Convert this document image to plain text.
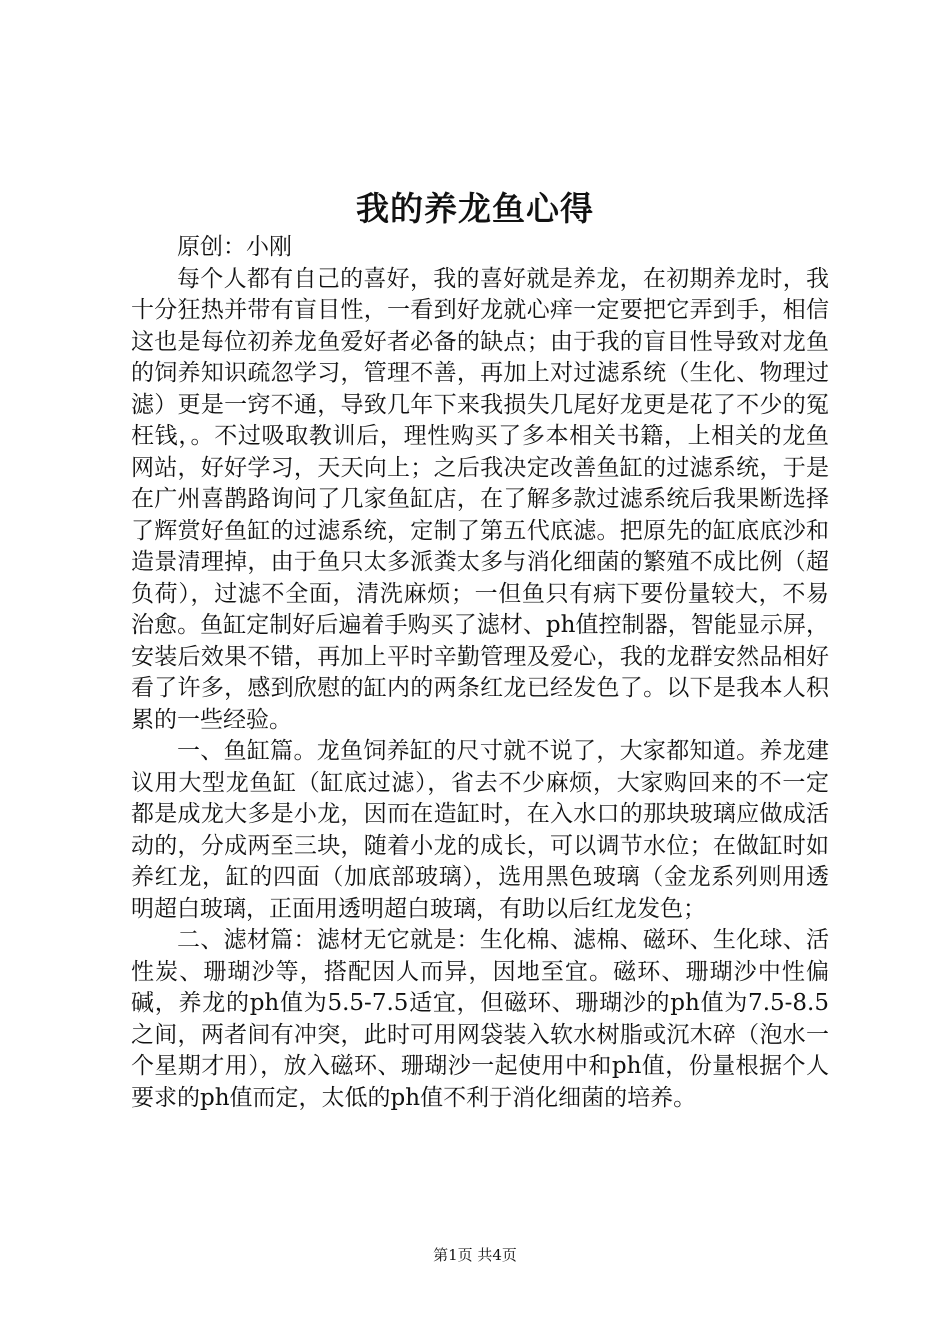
我的养龙鱼心得

原创：小刚

每个人都有自己的喜好，我的喜好就是养龙，在初期养龙时，我十分狂热并带有盲目性，一看到好龙就心痒一定要把它弄到手，相信这也是每位初养龙鱼爱好者必备的缺点；由于我的盲目性导致对龙鱼的饲养知识疏忽学习，管理不善，再加上对过滤系统（生化、物理过滤）更是一窍不通，导致几年下来我损失几尾好龙更是花了不少的冤枉钱，。不过吸取教训后，理性购买了多本相关书籍，上相关的龙鱼网站，好好学习，天天向上；之后我决定改善鱼缸的过滤系统，于是在广州喜鹊路询问了几家鱼缸店，在了解多款过滤系统后我果断选择了辉赏好鱼缸的过滤系统，定制了第五代底滤。把原先的缸底底沙和造景清理掉，由于鱼只太多派粪太多与消化细菌的繁殖不成比例（超负荷），过滤不全面，清洗麻烦；一但鱼只有病下要份量较大，不易治愈。鱼缸定制好后遍着手购买了滤材、ph值控制器，智能显示屏，安装后效果不错，再加上平时辛勤管理及爱心，我的龙群安然品相好看了许多，感到欣慰的缸内的两条红龙已经发色了。以下是我本人积累的一些经验。

一、鱼缸篇。龙鱼饲养缸的尺寸就不说了，大家都知道。养龙建议用大型龙鱼缸（缸底过滤），省去不少麻烦，大家购回来的不一定都是成龙大多是小龙，因而在造缸时，在入水口的那块玻璃应做成活动的，分成两至三块，随着小龙的成长，可以调节水位；在做缸时如养红龙，缸的四面（加底部玻璃），选用黑色玻璃（金龙系列则用透明超白玻璃，正面用透明超白玻璃，有助以后红龙发色；

二、滤材篇：滤材无它就是：生化棉、滤棉、磁环、生化球、活性炭、珊瑚沙等，搭配因人而异，因地至宜。磁环、珊瑚沙中性偏碱，养龙的ph值为5.5-7.5适宜，但磁环、珊瑚沙的ph值为7.5-8.5之间，两者间有冲突，此时可用网袋装入软水树脂或沉木碎（泡水一个星期才用），放入磁环、珊瑚沙一起使用中和ph值，份量根据个人要求的ph值而定，太低的ph值不利于消化细菌的培养。

第1页 共4页
